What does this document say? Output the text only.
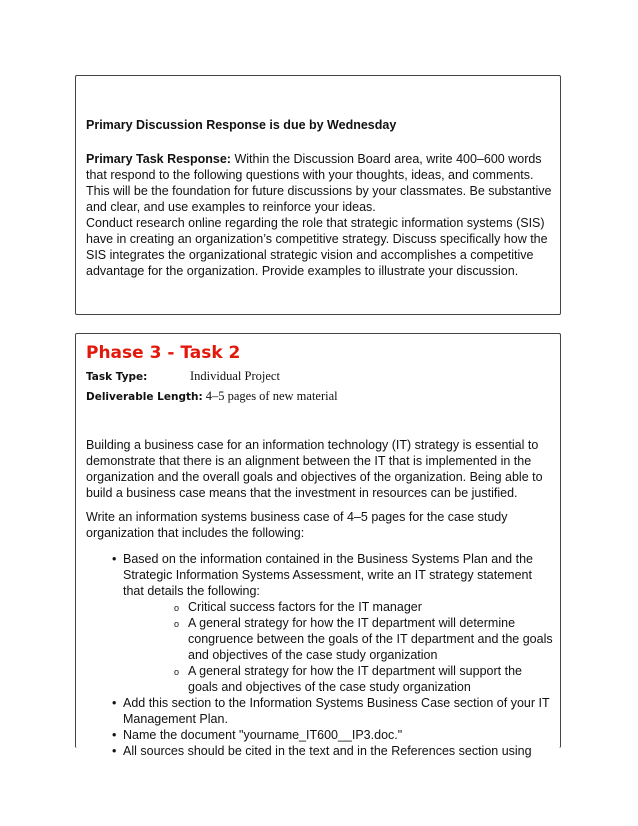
Primary Discussion Response is due by Wednesday
Primary Task Response: Within the Discussion Board area, write 400–600 words that respond to the following questions with your thoughts, ideas, and comments. This will be the foundation for future discussions by your classmates. Be substantive and clear, and use examples to reinforce your ideas.
Conduct research online regarding the role that strategic information systems (SIS) have in creating an organization’s competitive strategy. Discuss specifically how the SIS integrates the organizational strategic vision and accomplishes a competitive advantage for the organization. Provide examples to illustrate your discussion.
Phase 3 - Task 2
Task Type:	Individual Project
Deliverable Length: 4–5 pages of new material
Building a business case for an information technology (IT) strategy is essential to demonstrate that there is an alignment between the IT that is implemented in the organization and the overall goals and objectives of the organization. Being able to build a business case means that the investment in resources can be justified.
Write an information systems business case of 4–5 pages for the case study organization that includes the following:
• Based on the information contained in the Business Systems Plan and the Strategic Information Systems Assessment, write an IT strategy statement that details the following:
o Critical success factors for the IT manager
o A general strategy for how the IT department will determine congruence between the goals of the IT department and the goals and objectives of the case study organization
o A general strategy for how the IT department will support the goals and objectives of the case study organization
• Add this section to the Information Systems Business Case section of your IT Management Plan.
• Name the document "yourname_IT600__IP3.doc."
• All sources should be cited in the text and in the References section using
